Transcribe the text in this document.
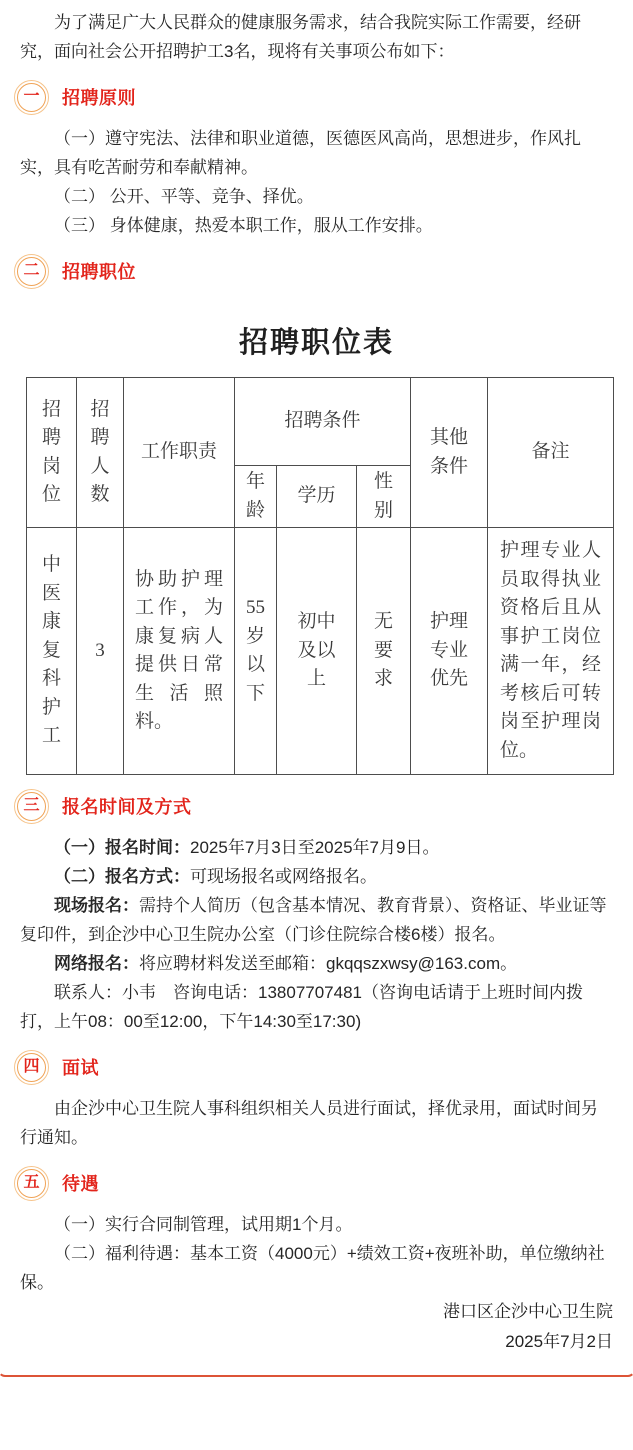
为了满足广大人民群众的健康服务需求，结合我院实际工作需要，经研究，面向社会公开招聘护工3名，现将有关事项公布如下：

一 招聘原则

（一）遵守宪法、法律和职业道德，医德医风高尚，思想进步，作风扎实，具有吃苦耐劳和奉献精神。

（二） 公开、平等、竞争、择优。

（三） 身体健康，热爱本职工作，服从工作安排。

二 招聘职位
招聘职位表
招聘岗位	招聘人数	工作职责	招聘条件			其他条件	备注
			年龄	学历	性别		
中医康复科护工	3	协助护理工作，为康复病人提供日常生活照料。	55岁以下	初中及以上	无要求	护理专业优先	护理专业人员取得执业资格后且从事护工岗位满一年，经考核后可转岗至护理岗位。
三 报名时间及方式

（一）报名时间：2025年7月3日至2025年7月9日。

（二）报名方式：可现场报名或网络报名。

现场报名：需持个人简历（包含基本情况、教育背景）、资格证、毕业证等复印件，到企沙中心卫生院办公室（门诊住院综合楼6楼）报名。

网络报名：将应聘材料发送至邮箱：gkqqszxwsy@163.com。

联系人：小韦　咨询电话：13807707481（咨询电话请于上班时间内拨打，上午08：00至12:00，下午14:30至17:30)

四 面试

由企沙中心卫生院人事科组织相关人员进行面试，择优录用，面试时间另行通知。

五 待遇

（一）实行合同制管理，试用期1个月。

（二）福利待遇：基本工资（4000元）+绩效工资+夜班补助，单位缴纳社保。

港口区企沙中心卫生院
2025年7月2日
